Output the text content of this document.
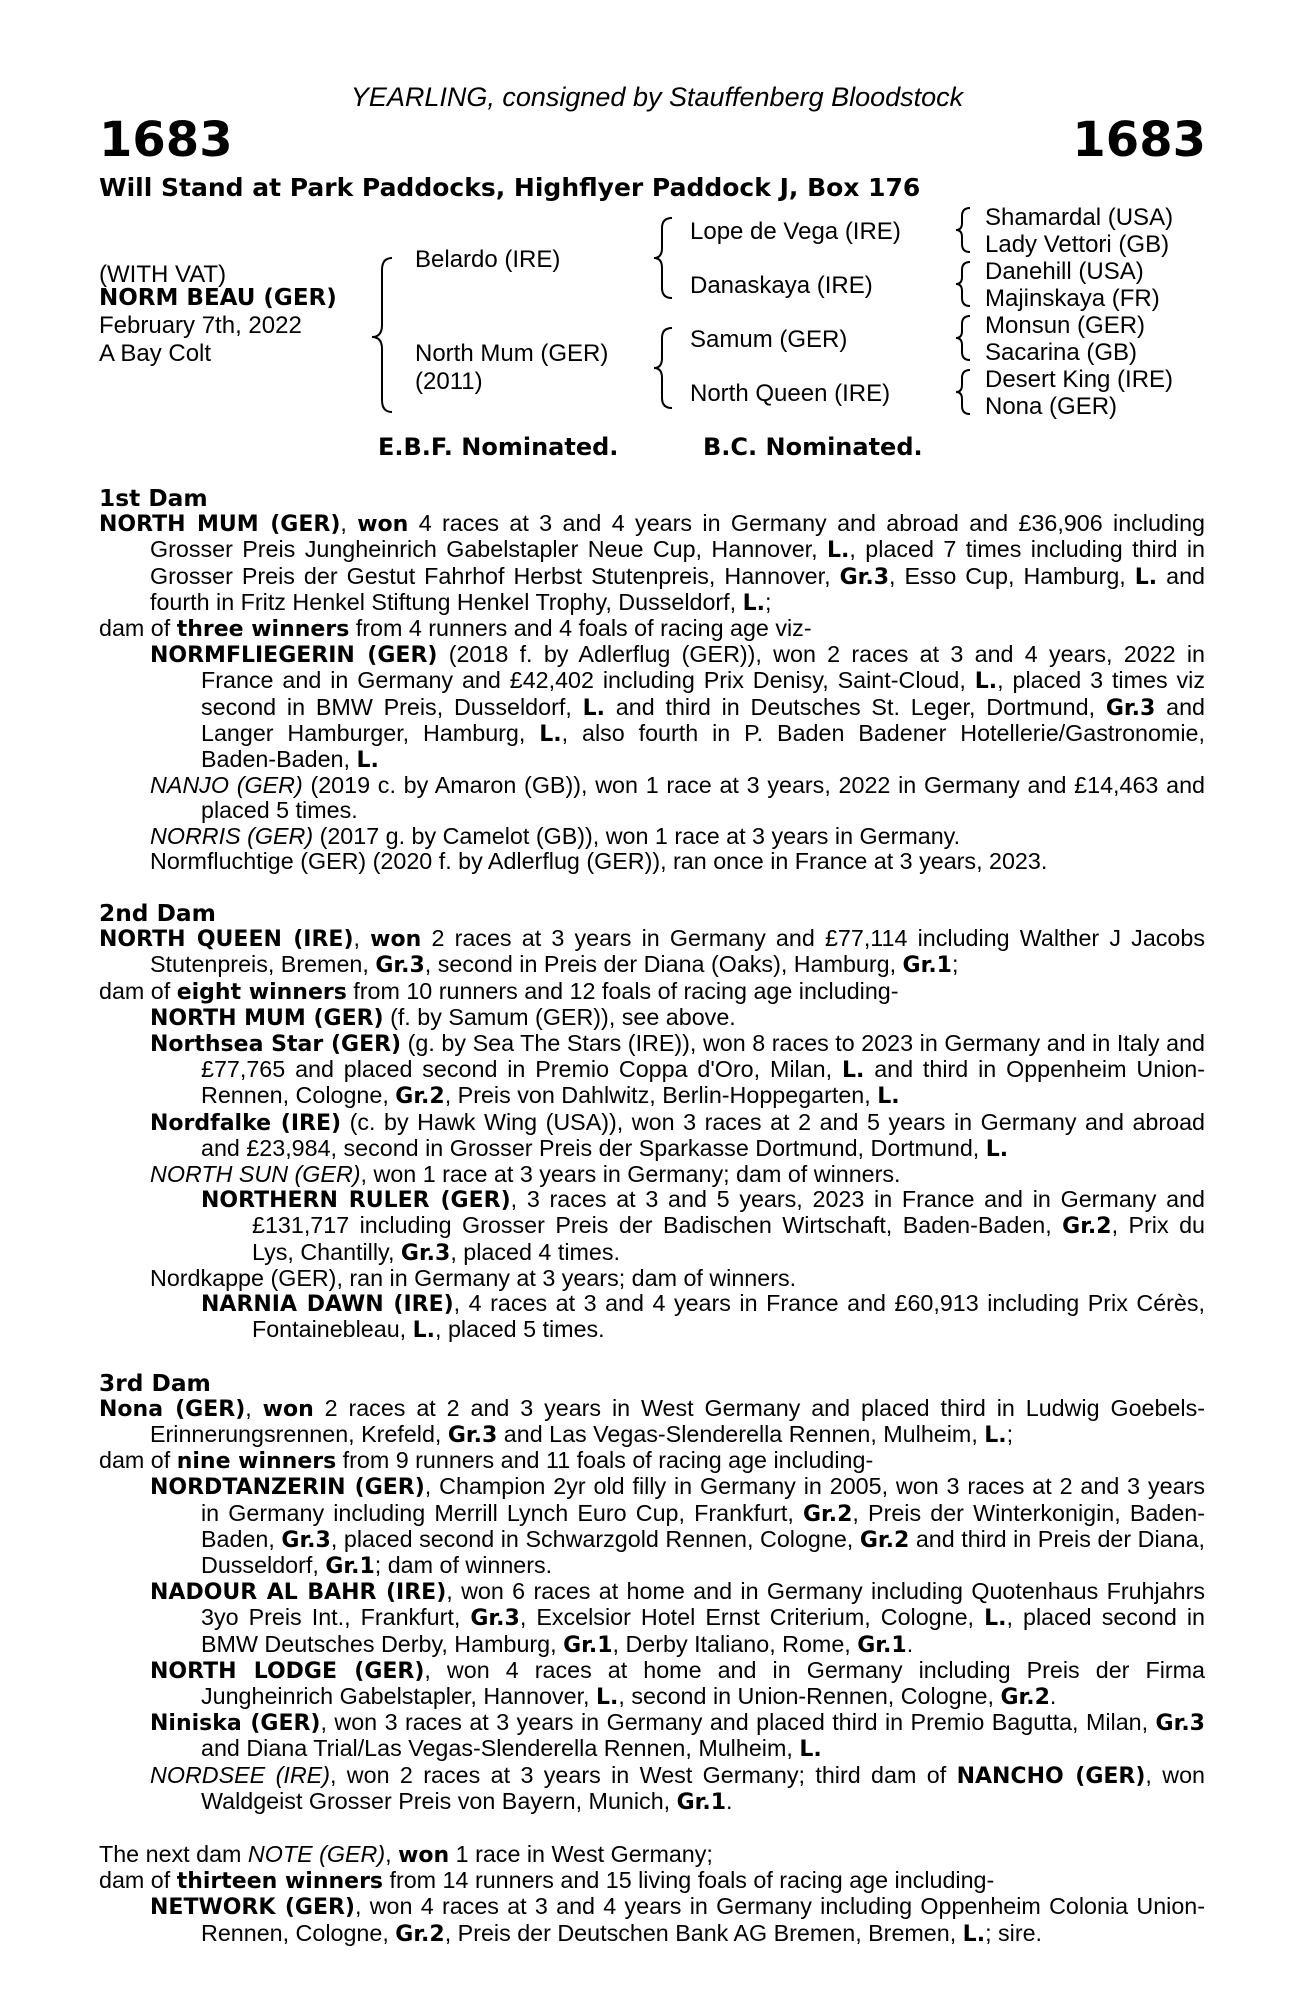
YEARLING, consigned by Stauffenberg Bloodstock
1683	1683
Will Stand at Park Paddocks, Highflyer Paddock J, Box 176
(WITH VAT)
NORM BEAU (GER)
February 7th, 2022
A Bay Colt
Belardo (IRE)
North Mum (GER)
(2011)
Lope de Vega (IRE)
Danaskaya (IRE)
Samum (GER)
North Queen (IRE)
Shamardal (USA)
Lady Vettori (GB)
Danehill (USA)
Majinskaya (FR)
Monsun (GER)
Sacarina (GB)
Desert King (IRE)
Nona (GER)
E.B.F. Nominated.	B.C. Nominated.
1st Dam
NORTH MUM (GER), won 4 races at 3 and 4 years in Germany and abroad and £36,906 including Grosser Preis Jungheinrich Gabelstapler Neue Cup, Hannover, L., placed 7 times including third in Grosser Preis der Gestut Fahrhof Herbst Stutenpreis, Hannover, Gr.3, Esso Cup, Hamburg, L. and fourth in Fritz Henkel Stiftung Henkel Trophy, Dusseldorf, L.;
dam of three winners from 4 runners and 4 foals of racing age viz-
NORMFLIEGERIN (GER) (2018 f. by Adlerflug (GER)), won 2 races at 3 and 4 years, 2022 in France and in Germany and £42,402 including Prix Denisy, Saint-Cloud, L., placed 3 times viz second in BMW Preis, Dusseldorf, L. and third in Deutsches St. Leger, Dortmund, Gr.3 and Langer Hamburger, Hamburg, L., also fourth in P. Baden Badener Hotellerie/Gastronomie, Baden-Baden, L.
NANJO (GER) (2019 c. by Amaron (GB)), won 1 race at 3 years, 2022 in Germany and £14,463 and placed 5 times.
NORRIS (GER) (2017 g. by Camelot (GB)), won 1 race at 3 years in Germany.
Normfluchtige (GER) (2020 f. by Adlerflug (GER)), ran once in France at 3 years, 2023.
2nd Dam
NORTH QUEEN (IRE), won 2 races at 3 years in Germany and £77,114 including Walther J Jacobs Stutenpreis, Bremen, Gr.3, second in Preis der Diana (Oaks), Hamburg, Gr.1;
dam of eight winners from 10 runners and 12 foals of racing age including-
NORTH MUM (GER) (f. by Samum (GER)), see above.
Northsea Star (GER) (g. by Sea The Stars (IRE)), won 8 races to 2023 in Germany and in Italy and £77,765 and placed second in Premio Coppa d'Oro, Milan, L. and third in Oppenheim Union-Rennen, Cologne, Gr.2, Preis von Dahlwitz, Berlin-Hoppegarten, L.
Nordfalke (IRE) (c. by Hawk Wing (USA)), won 3 races at 2 and 5 years in Germany and abroad and £23,984, second in Grosser Preis der Sparkasse Dortmund, Dortmund, L.
NORTH SUN (GER), won 1 race at 3 years in Germany; dam of winners.
NORTHERN RULER (GER), 3 races at 3 and 5 years, 2023 in France and in Germany and £131,717 including Grosser Preis der Badischen Wirtschaft, Baden-Baden, Gr.2, Prix du Lys, Chantilly, Gr.3, placed 4 times.
Nordkappe (GER), ran in Germany at 3 years; dam of winners.
NARNIA DAWN (IRE), 4 races at 3 and 4 years in France and £60,913 including Prix Cérès, Fontainebleau, L., placed 5 times.
3rd Dam
Nona (GER), won 2 races at 2 and 3 years in West Germany and placed third in Ludwig Goebels-Erinnerungsrennen, Krefeld, Gr.3 and Las Vegas-Slenderella Rennen, Mulheim, L.;
dam of nine winners from 9 runners and 11 foals of racing age including-
NORDTANZERIN (GER), Champion 2yr old filly in Germany in 2005, won 3 races at 2 and 3 years in Germany including Merrill Lynch Euro Cup, Frankfurt, Gr.2, Preis der Winterkonigin, Baden-Baden, Gr.3, placed second in Schwarzgold Rennen, Cologne, Gr.2 and third in Preis der Diana, Dusseldorf, Gr.1; dam of winners.
NADOUR AL BAHR (IRE), won 6 races at home and in Germany including Quotenhaus Fruhjahrs 3yo Preis Int., Frankfurt, Gr.3, Excelsior Hotel Ernst Criterium, Cologne, L., placed second in BMW Deutsches Derby, Hamburg, Gr.1, Derby Italiano, Rome, Gr.1.
NORTH LODGE (GER), won 4 races at home and in Germany including Preis der Firma Jungheinrich Gabelstapler, Hannover, L., second in Union-Rennen, Cologne, Gr.2.
Niniska (GER), won 3 races at 3 years in Germany and placed third in Premio Bagutta, Milan, Gr.3 and Diana Trial/Las Vegas-Slenderella Rennen, Mulheim, L.
NORDSEE (IRE), won 2 races at 3 years in West Germany; third dam of NANCHO (GER), won Waldgeist Grosser Preis von Bayern, Munich, Gr.1.
The next dam NOTE (GER), won 1 race in West Germany;
dam of thirteen winners from 14 runners and 15 living foals of racing age including-
NETWORK (GER), won 4 races at 3 and 4 years in Germany including Oppenheim Colonia Union-Rennen, Cologne, Gr.2, Preis der Deutschen Bank AG Bremen, Bremen, L.; sire.
